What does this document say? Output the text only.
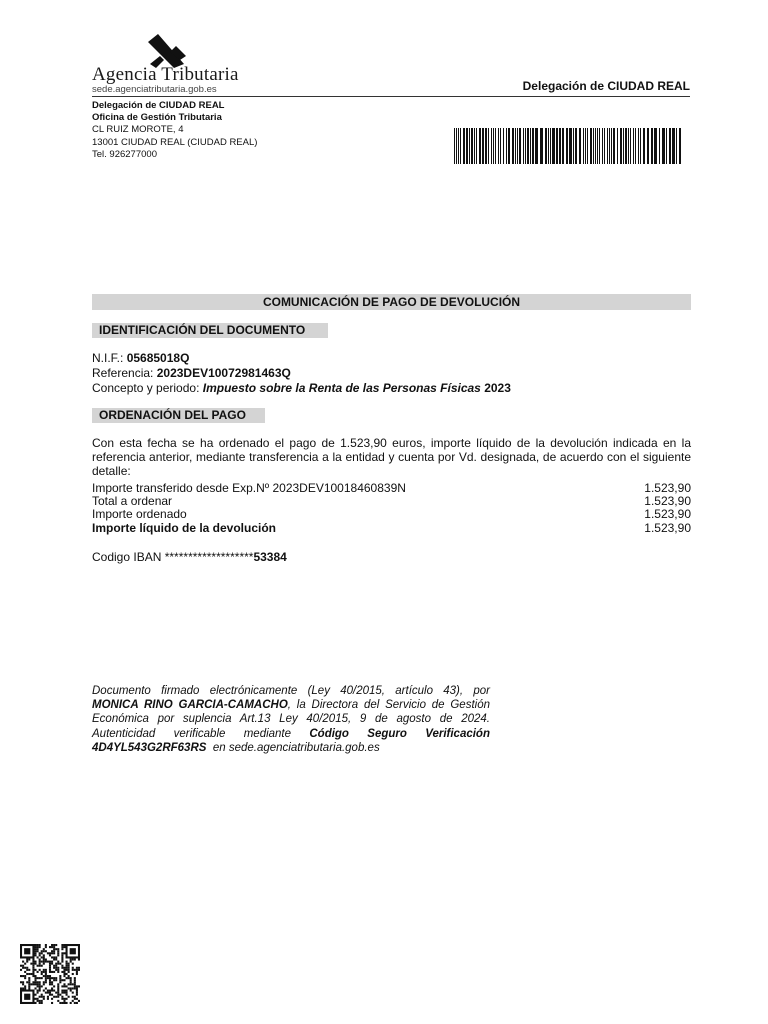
Agencia Tributaria
sede.agenciatributaria.gob.es	Delegación de CIUDAD REAL
Delegación de CIUDAD REAL
Oficina de Gestión Tributaria
CL RUIZ MOROTE, 4
13001 CIUDAD REAL (CIUDAD REAL)
Tel. 926277000
COMUNICACIÓN DE PAGO DE DEVOLUCIÓN
IDENTIFICACIÓN DEL DOCUMENTO
N.I.F.: 05685018Q
Referencia: 2023DEV10072981463Q
Concepto y periodo: Impuesto sobre la Renta de las Personas Físicas 2023
ORDENACIÓN DEL PAGO
Con esta fecha se ha ordenado el pago de 1.523,90 euros, importe líquido de la devolución indicada en la referencia anterior, mediante transferencia a la entidad y cuenta por Vd. designada, de acuerdo con el siguiente detalle:
Importe transferido desde Exp.Nº 2023DEV10018460839N	1.523,90
Total a ordenar	1.523,90
Importe ordenado	1.523,90
Importe líquido de la devolución	1.523,90
Codigo IBAN *******************53384
Documento firmado electrónicamente (Ley 40/2015, artículo 43), por MONICA RINO GARCIA-CAMACHO, la Directora del Servicio de Gestión Económica por suplencia Art.13 Ley 40/2015, 9 de agosto de 2024. Autenticidad verificable mediante Código Seguro Verificación 4D4YL543G2RF63RS en sede.agenciatributaria.gob.es
